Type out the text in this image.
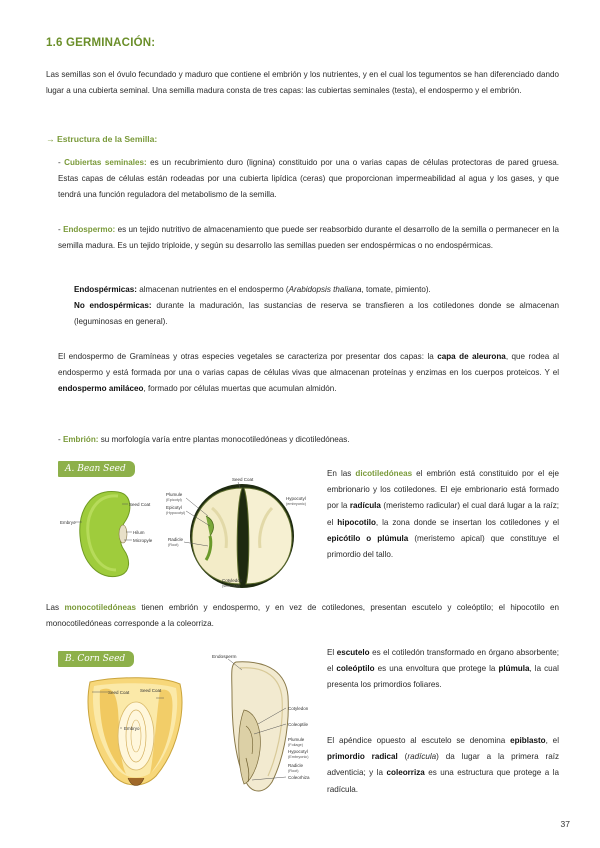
1.6 GERMINACIÓN:
Las semillas son el óvulo fecundado y maduro que contiene el embrión y los nutrientes, y en el cual los tegumentos se han diferenciado dando lugar a una cubierta seminal. Una semilla madura consta de tres capas: las cubiertas seminales (testa), el endospermo y el embrión.
→ Estructura de la Semilla:
- Cubiertas seminales: es un recubrimiento duro (lignina) constituido por una o varias capas de células protectoras de pared gruesa. Estas capas de células están rodeadas por una cubierta lipídica (ceras) que proporcionan impermeabilidad al agua y los gases, y que tendrá una función reguladora del metabolismo de la semilla.
- Endospermo: es un tejido nutritivo de almacenamiento que puede ser reabsorbido durante el desarrollo de la semilla o permanecer en la semilla madura. Es un tejido triploide, y según su desarrollo las semillas pueden ser endospérmicas o no endospérmicas.
Endospérmicas: almacenan nutrientes en el endospermo (Arabidopsis thaliana, tomate, pimiento).
No endospérmicas: durante la maduración, las sustancias de reserva se transfieren a los cotiledones donde se almacenan (leguminosas en general).
El endospermo de Gramíneas y otras especies vegetales se caracteriza por presentar dos capas: la capa de aleurona, que rodea al endospermo y está formada por una o varias capas de células vivas que almacenan proteínas y enzimas en los cuerpos proteicos. Y el endospermo amiláceo, formado por células muertas que acumulan almidón.
- Embrión: su morfología varía entre plantas monocotiledóneas y dicotiledóneas.
A. Bean Seed
Embryo
Seed Coat
Hilum
Micropyle
Seed Coat
Plumule
(Epicotyl)
Epicotyl
(Hypocotyl)
Hypocotyl
(embryonic)
Radicle
(Root)
Cotyledon
(seed leaf)
En las dicotiledóneas el embrión está constituido por el eje embrionario y los cotiledones. El eje embrionario está formado por la radícula (meristemo radicular) el cual dará lugar a la raíz; el hipocotilo, la zona donde se insertan los cotiledones y el epicótilo o plúmula (meristemo apical) que constituye el primordio del tallo.
Las monocotiledóneas tienen embrión y endospermo, y en vez de cotiledones, presentan escutelo y coleóptilo; el hipocotilo en monocotiledóneas corresponde a la coleorriza.
B. Corn Seed
Seed Coat
Embryo
Seed Coat
Endosperm
Cotyledon
Coleoptile
Plumule
(Foliage)
Hypocotyl
(Embryonic)
Radicle
(Root)
Coleorhiza
El escutelo es el cotiledón transformado en órgano absorbente; el coleóptilo es una envoltura que protege la plúmula, la cual presenta los primordios foliares.
El apéndice opuesto al escutelo se denomina epiblasto, el primordio radical (radícula) da lugar a la primera raíz adventicia; y la coleorriza es una estructura que protege a la radícula.
37
